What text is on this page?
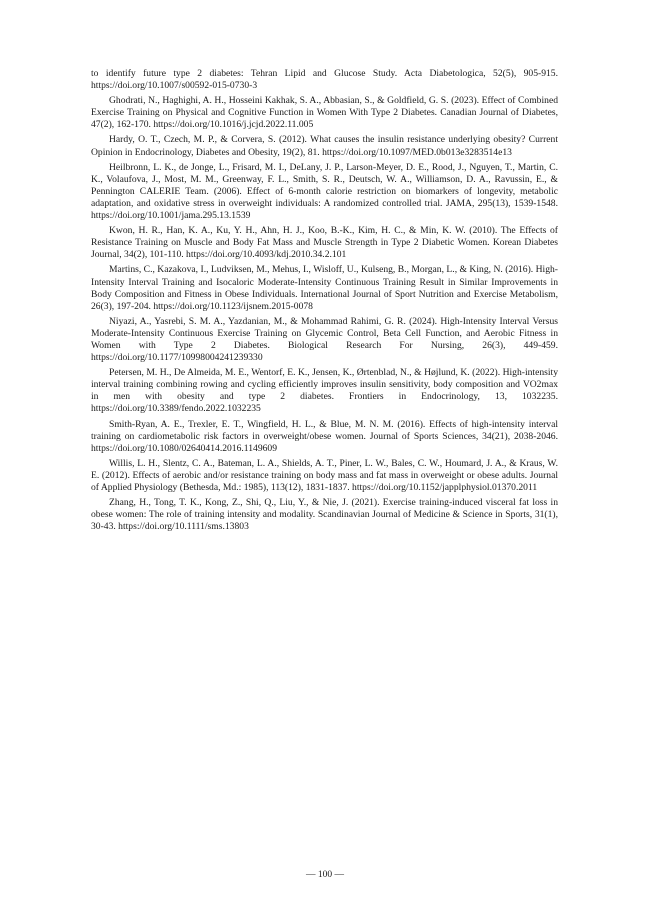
to identify future type 2 diabetes: Tehran Lipid and Glucose Study. Acta Diabetologica, 52(5), 905-915. https://doi.org/10.1007/s00592-015-0730-3

Ghodrati, N., Haghighi, A. H., Hosseini Kakhak, S. A., Abbasian, S., & Goldfield, G. S. (2023). Effect of Combined Exercise Training on Physical and Cognitive Function in Women With Type 2 Diabetes. Canadian Journal of Diabetes, 47(2), 162-170. https://doi.org/10.1016/j.jcjd.2022.11.005

Hardy, O. T., Czech, M. P., & Corvera, S. (2012). What causes the insulin resistance underlying obesity? Current Opinion in Endocrinology, Diabetes and Obesity, 19(2), 81. https://doi.org/10.1097/MED.0b013e3283514e13

Heilbronn, L. K., de Jonge, L., Frisard, M. I., DeLany, J. P., Larson-Meyer, D. E., Rood, J., Nguyen, T., Martin, C. K., Volaufova, J., Most, M. M., Greenway, F. L., Smith, S. R., Deutsch, W. A., Williamson, D. A., Ravussin, E., & Pennington CALERIE Team. (2006). Effect of 6-month calorie restriction on biomarkers of longevity, metabolic adaptation, and oxidative stress in overweight individuals: A randomized controlled trial. JAMA, 295(13), 1539-1548. https://doi.org/10.1001/jama.295.13.1539

Kwon, H. R., Han, K. A., Ku, Y. H., Ahn, H. J., Koo, B.-K., Kim, H. C., & Min, K. W. (2010). The Effects of Resistance Training on Muscle and Body Fat Mass and Muscle Strength in Type 2 Diabetic Women. Korean Diabetes Journal, 34(2), 101-110. https://doi.org/10.4093/kdj.2010.34.2.101

Martins, C., Kazakova, I., Ludviksen, M., Mehus, I., Wisloff, U., Kulseng, B., Morgan, L., & King, N. (2016). High-Intensity Interval Training and Isocaloric Moderate-Intensity Continuous Training Result in Similar Improvements in Body Composition and Fitness in Obese Individuals. International Journal of Sport Nutrition and Exercise Metabolism, 26(3), 197-204. https://doi.org/10.1123/ijsnem.2015-0078

Niyazi, A., Yasrebi, S. M. A., Yazdanian, M., & Mohammad Rahimi, G. R. (2024). High-Intensity Interval Versus Moderate-Intensity Continuous Exercise Training on Glycemic Control, Beta Cell Function, and Aerobic Fitness in Women with Type 2 Diabetes. Biological Research For Nursing, 26(3), 449-459. https://doi.org/10.1177/10998004241239330

Petersen, M. H., De Almeida, M. E., Wentorf, E. K., Jensen, K., Ørtenblad, N., & Højlund, K. (2022). High-intensity interval training combining rowing and cycling efficiently improves insulin sensitivity, body composition and VO2max in men with obesity and type 2 diabetes. Frontiers in Endocrinology, 13, 1032235. https://doi.org/10.3389/fendo.2022.1032235

Smith-Ryan, A. E., Trexler, E. T., Wingfield, H. L., & Blue, M. N. M. (2016). Effects of high-intensity interval training on cardiometabolic risk factors in overweight/obese women. Journal of Sports Sciences, 34(21), 2038-2046. https://doi.org/10.1080/02640414.2016.1149609

Willis, L. H., Slentz, C. A., Bateman, L. A., Shields, A. T., Piner, L. W., Bales, C. W., Houmard, J. A., & Kraus, W. E. (2012). Effects of aerobic and/or resistance training on body mass and fat mass in overweight or obese adults. Journal of Applied Physiology (Bethesda, Md.: 1985), 113(12), 1831-1837. https://doi.org/10.1152/japplphysiol.01370.2011

Zhang, H., Tong, T. K., Kong, Z., Shi, Q., Liu, Y., & Nie, J. (2021). Exercise training-induced visceral fat loss in obese women: The role of training intensity and modality. Scandinavian Journal of Medicine & Science in Sports, 31(1), 30-43. https://doi.org/10.1111/sms.13803

— 100 —
